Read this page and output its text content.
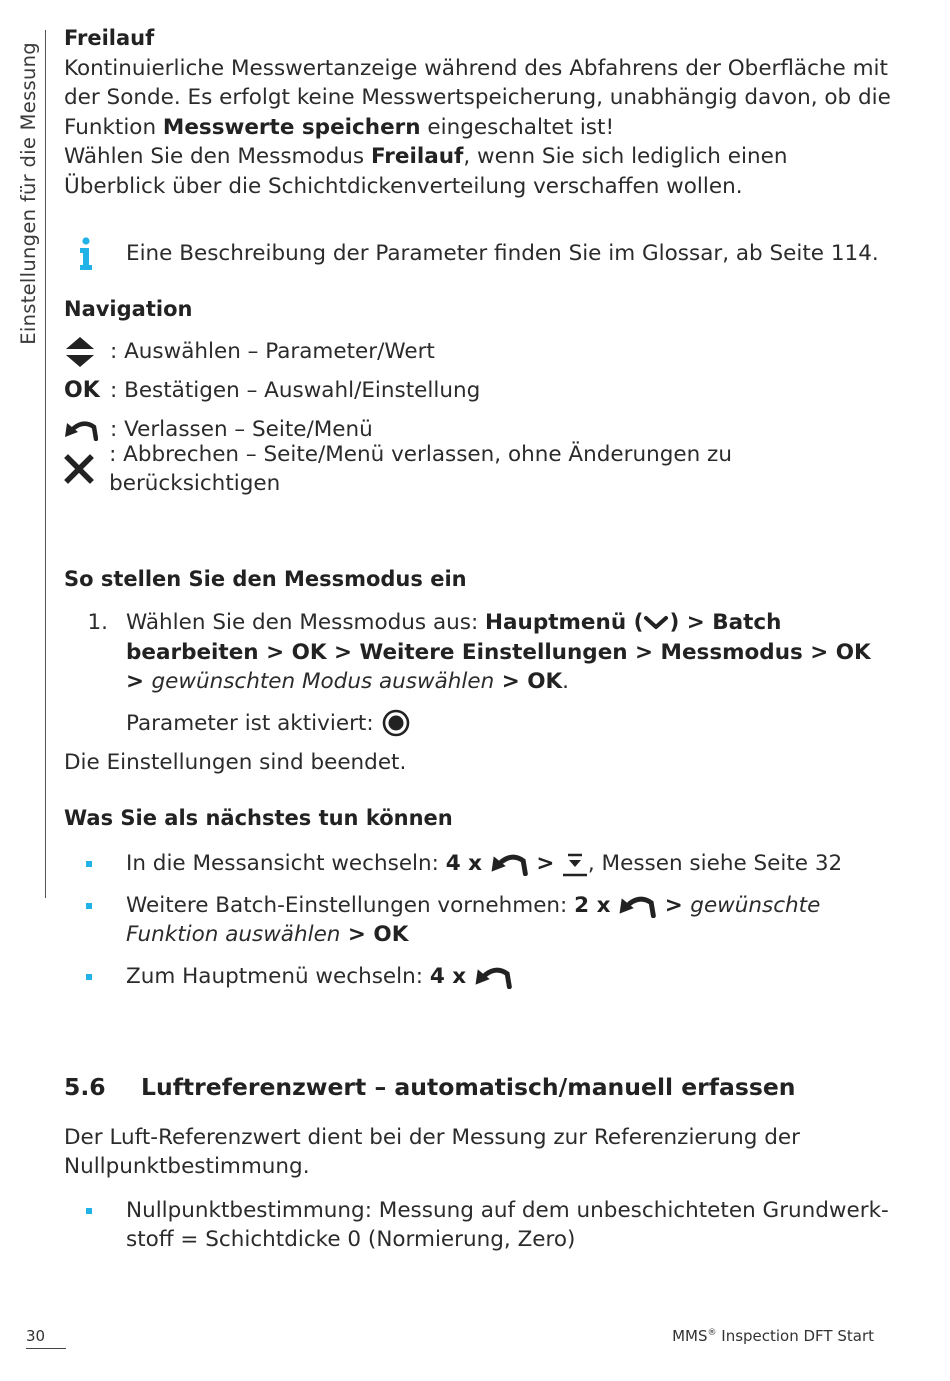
Einstellungen für die Messung

Freilauf

Kontinuierliche Messwertanzeige während des Abfahrens der Oberfläche mit der Sonde. Es erfolgt keine Messwertspeicherung, unabhängig davon, ob die Funktion Messwerte speichern eingeschaltet ist!

Wählen Sie den Messmodus Freilauf, wenn Sie sich lediglich einen Überblick über die Schichtdickenverteilung verschaffen wollen.

Eine Beschreibung der Parameter finden Sie im Glossar, ab Seite 114.

Navigation

: Auswählen – Parameter/Wert
OK : Bestätigen – Auswahl/Einstellung
: Verlassen – Seite/Menü
: Abbrechen – Seite/Menü verlassen, ohne Änderungen zu berücksichtigen

So stellen Sie den Messmodus ein

1. Wählen Sie den Messmodus aus: Hauptmenü ( ) > Batch bearbeiten > OK > Weitere Einstellungen > Messmodus > OK > gewünschten Modus auswählen > OK.

Parameter ist aktiviert:

Die Einstellungen sind beendet.

Was Sie als nächstes tun können

In die Messansicht wechseln: 4 x  > , Messen siehe Seite 32
Weitere Batch-Einstellungen vornehmen: 2 x  > gewünschte Funktion auswählen > OK
Zum Hauptmenü wechseln: 4 x
5.6	Luftreferenzwert – automatisch/manuell erfassen

Der Luft-Referenzwert dient bei der Messung zur Referenzierung der Nullpunktbestimmung.

Nullpunktbestimmung: Messung auf dem unbeschichteten Grundwerk-stoff = Schichtdicke 0 (Normierung, Zero)
30	MMS® Inspection DFT Start
